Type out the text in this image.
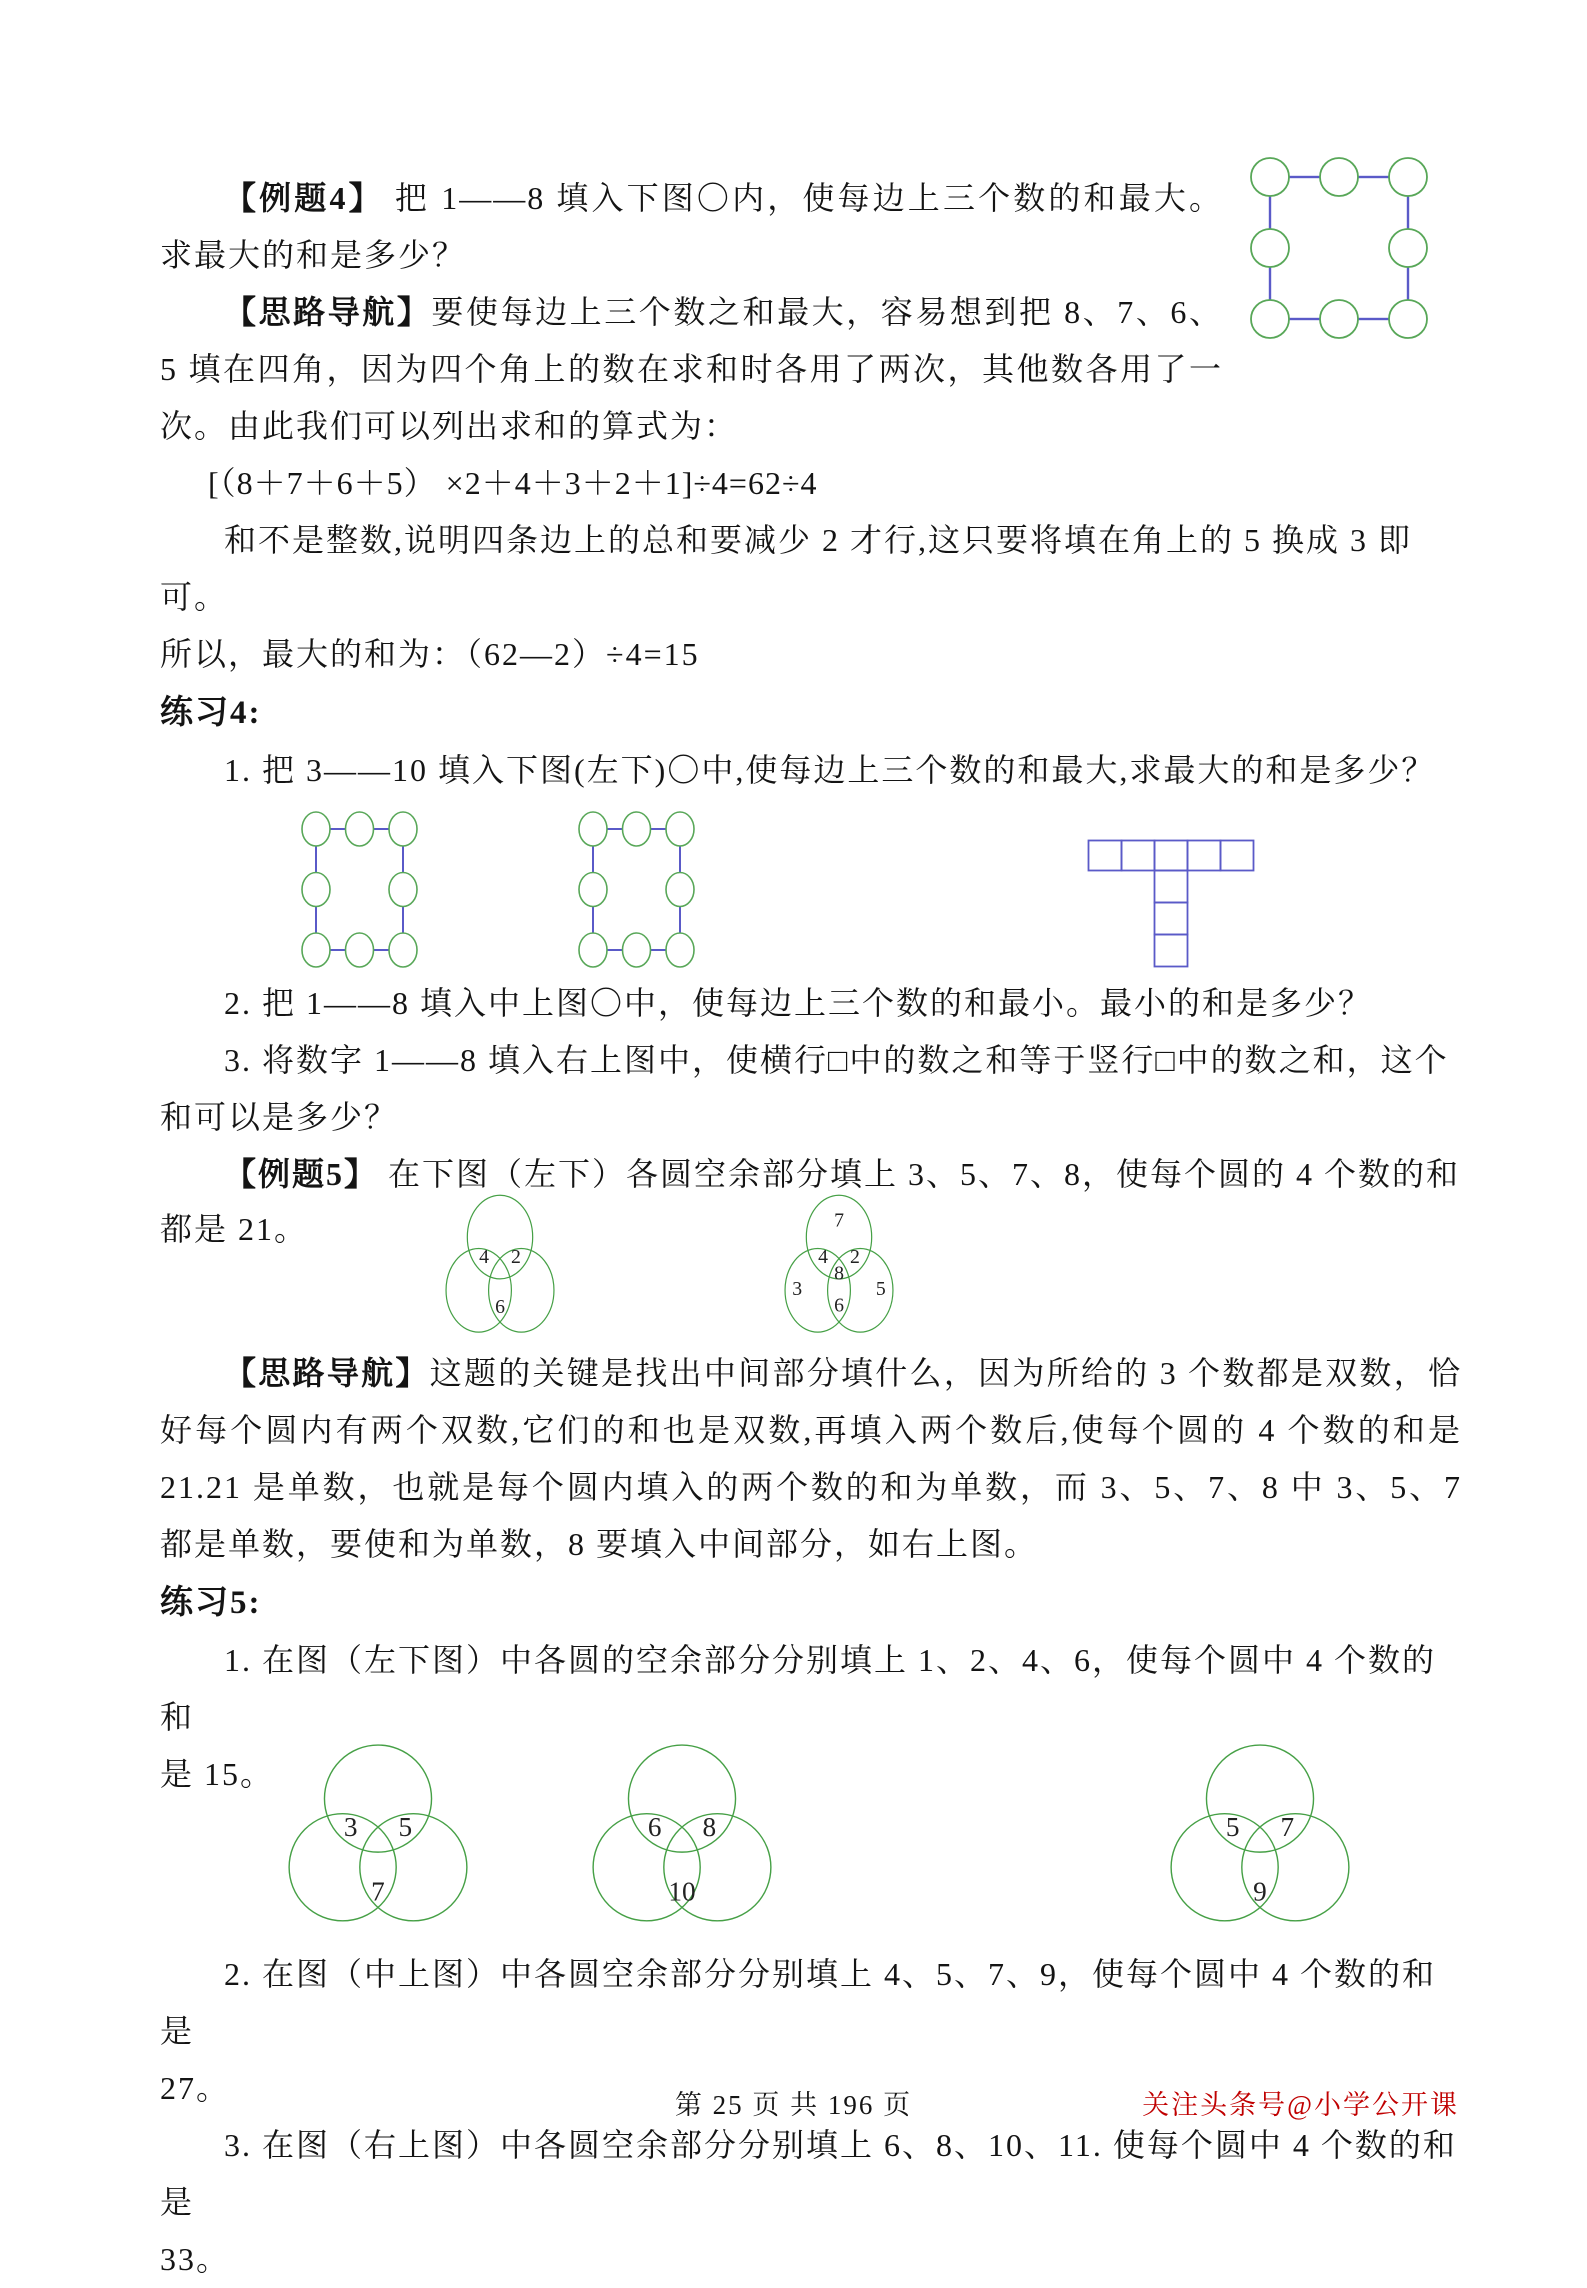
【例题4】 把 1——8 填入下图〇内，使每边上三个数的和最大。求最大的和是多少？

【思路导航】要使每边上三个数之和最大，容易想到把 8、7、6、5 填在四角，因为四个角上的数在求和时各用了两次，其他数各用了一次。由此我们可以列出求和的算式为：

[（8＋7＋6＋5） ×2＋4＋3＋2＋1]÷4=62÷4

和不是整数,说明四条边上的总和要减少 2 才行,这只要将填在角上的 5 换成 3 即可。

所以，最大的和为：（62—2）÷4=15

练习4:

1. 把 3——10 填入下图(左下)〇中,使每边上三个数的和最大,求最大的和是多少？

2. 把 1——8 填入中上图〇中，使每边上三个数的和最小。最小的和是多少？

3. 将数字 1——8 填入右上图中，使横行□中的数之和等于竖行□中的数之和，这个

和可以是多少？

【例题5】 在下图（左下）各圆空余部分填上 3、5、7、8，使每个圆的 4 个数的和

都是 21。
4 2
6
7
4 2
8
3	5
6

【思路导航】这题的关键是找出中间部分填什么，因为所给的 3 个数都是双数，恰好每个圆内有两个双数,它们的和也是双数,再填入两个数后,使每个圆的 4 个数的和是 21.21 是单数，也就是每个圆内填入的两个数的和为单数，而 3、5、7、8 中 3、5、7 都是单数，要使和为单数，8 要填入中间部分，如右上图。

练习5:

1. 在图（左下图）中各圆的空余部分分别填上 1、2、4、6，使每个圆中 4 个数的和

是 15。
3 5
7
6 8
10
5 7
9

2. 在图（中上图）中各圆空余部分分别填上 4、5、7、9，使每个圆中 4 个数的和是

27。

3. 在图（右上图）中各圆空余部分分别填上 6、8、10、11. 使每个圆中 4 个数的和是

33。

第 25 页 共 196 页	关注头条号@小学公开课
